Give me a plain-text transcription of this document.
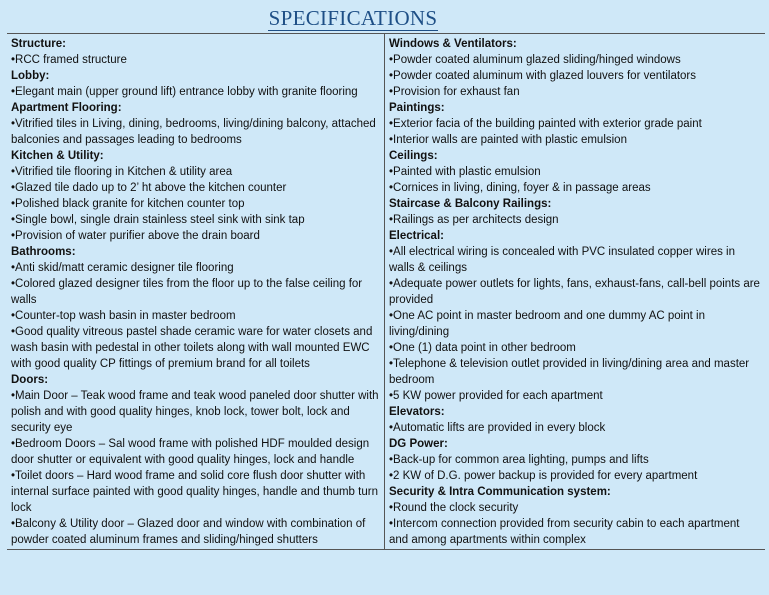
SPECIFICATIONS
Structure:
•RCC framed structure
Lobby:
•Elegant main (upper ground lift) entrance lobby with granite flooring
Apartment Flooring:
•Vitrified tiles in Living, dining, bedrooms, living/dining balcony, attached balconies and passages leading to bedrooms
Kitchen & Utility:
•Vitrified tile flooring in Kitchen & utility area
•Glazed tile dado up to 2’ ht above the kitchen counter
•Polished black granite for kitchen counter top
•Single bowl, single drain stainless steel sink with sink tap
•Provision of water purifier above the drain board
Bathrooms:
•Anti skid/matt ceramic designer tile flooring
•Colored glazed designer tiles from the floor up to the false ceiling for walls
•Counter-top wash basin in master bedroom
•Good quality vitreous pastel shade ceramic ware for water closets and wash basin with pedestal in other toilets along with wall mounted EWC with good quality CP fittings of premium brand for all toilets
Doors:
•Main Door – Teak wood frame and teak wood paneled door shutter with polish and with good quality hinges, knob lock, tower bolt, lock and security eye
•Bedroom Doors – Sal wood frame with polished HDF moulded design door shutter or equivalent with good quality hinges, lock and handle
•Toilet doors – Hard wood frame and solid core flush door shutter with internal surface painted with good quality hinges, handle and thumb turn lock
•Balcony & Utility door – Glazed door and window with combination of powder coated aluminum frames and sliding/hinged shutters
Windows & Ventilators:
•Powder coated aluminum glazed sliding/hinged windows
•Powder coated aluminum with glazed louvers for ventilators
•Provision for exhaust fan
Paintings:
•Exterior facia of the building painted with exterior grade paint
•Interior walls are painted with plastic emulsion
Ceilings:
•Painted with plastic emulsion
•Cornices in living, dining, foyer & in passage areas
Staircase & Balcony Railings:
•Railings as per architects design
Electrical:
•All electrical wiring is concealed with PVC insulated copper wires in walls & ceilings
•Adequate power outlets for lights, fans, exhaust-fans, call-bell points are provided
•One AC point in master bedroom and one dummy AC point in living/dining
•One (1) data point in other bedroom
•Telephone & television outlet provided in living/dining area and master bedroom
•5 KW power provided for each apartment
Elevators:
•Automatic lifts are provided in every block
DG Power:
•Back-up for common area lighting, pumps and lifts
•2 KW of D.G. power backup is provided for every apartment
Security & Intra Communication system:
•Round the clock security
•Intercom connection provided from security cabin to each apartment and among apartments within complex
